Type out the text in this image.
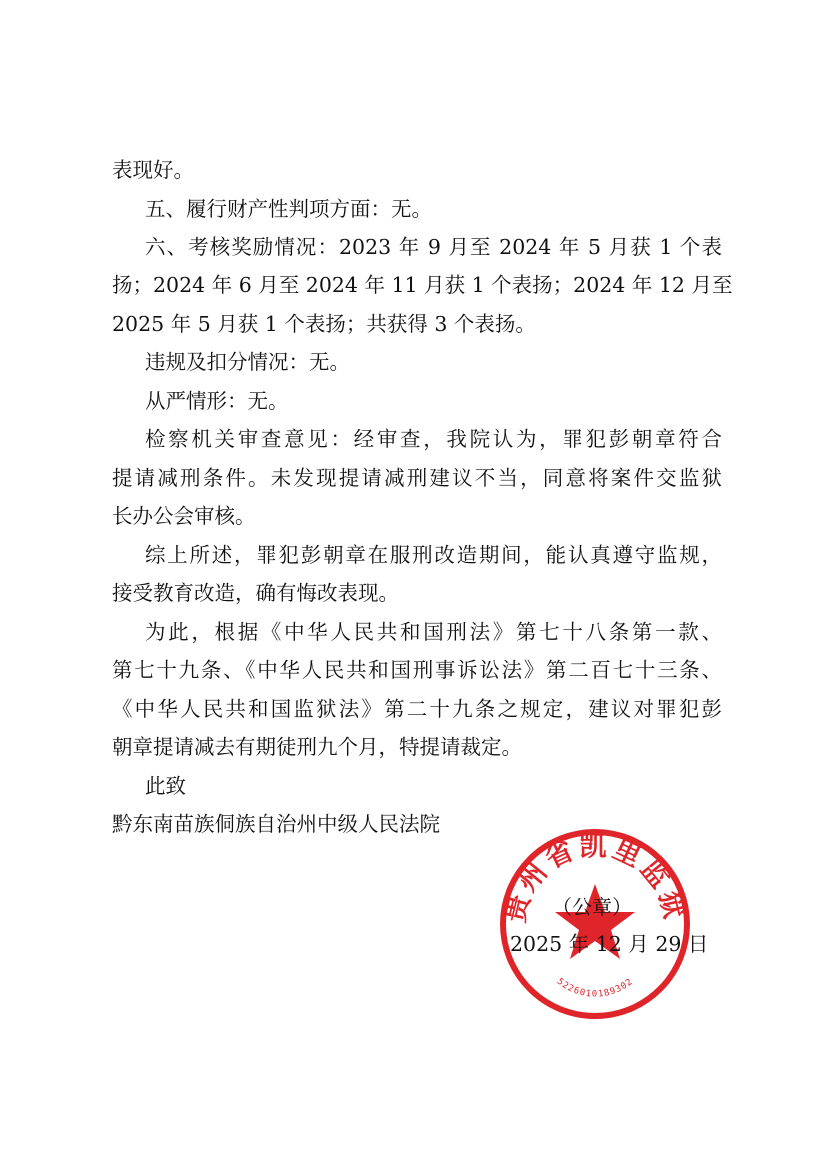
表现好。
五、履行财产性判项方面：无。
六、考核奖励情况：2023 年 9 月至 2024 年 5 月获 1 个表
扬；2024 年 6 月至 2024 年 11 月获 1 个表扬；2024 年 12 月至
2025 年 5 月获 1 个表扬；共获得 3 个表扬。
违规及扣分情况：无。
从严情形：无。
检察机关审查意见：经审查，我院认为，罪犯彭朝章符合
提请减刑条件。未发现提请减刑建议不当，同意将案件交监狱
长办公会审核。
综上所述，罪犯彭朝章在服刑改造期间，能认真遵守监规，
接受教育改造，确有悔改表现。
为此，根据《中华人民共和国刑法》第七十八条第一款、
第七十九条、《中华人民共和国刑事诉讼法》第二百七十三条、
《中华人民共和国监狱法》第二十九条之规定，建议对罪犯彭
朝章提请减去有期徒刑九个月，特提请裁定。
此致
黔东南苗族侗族自治州中级人民法院
贵州省凯里监狱
5226010189302
（公章）
2025 年 12 月 29 日
